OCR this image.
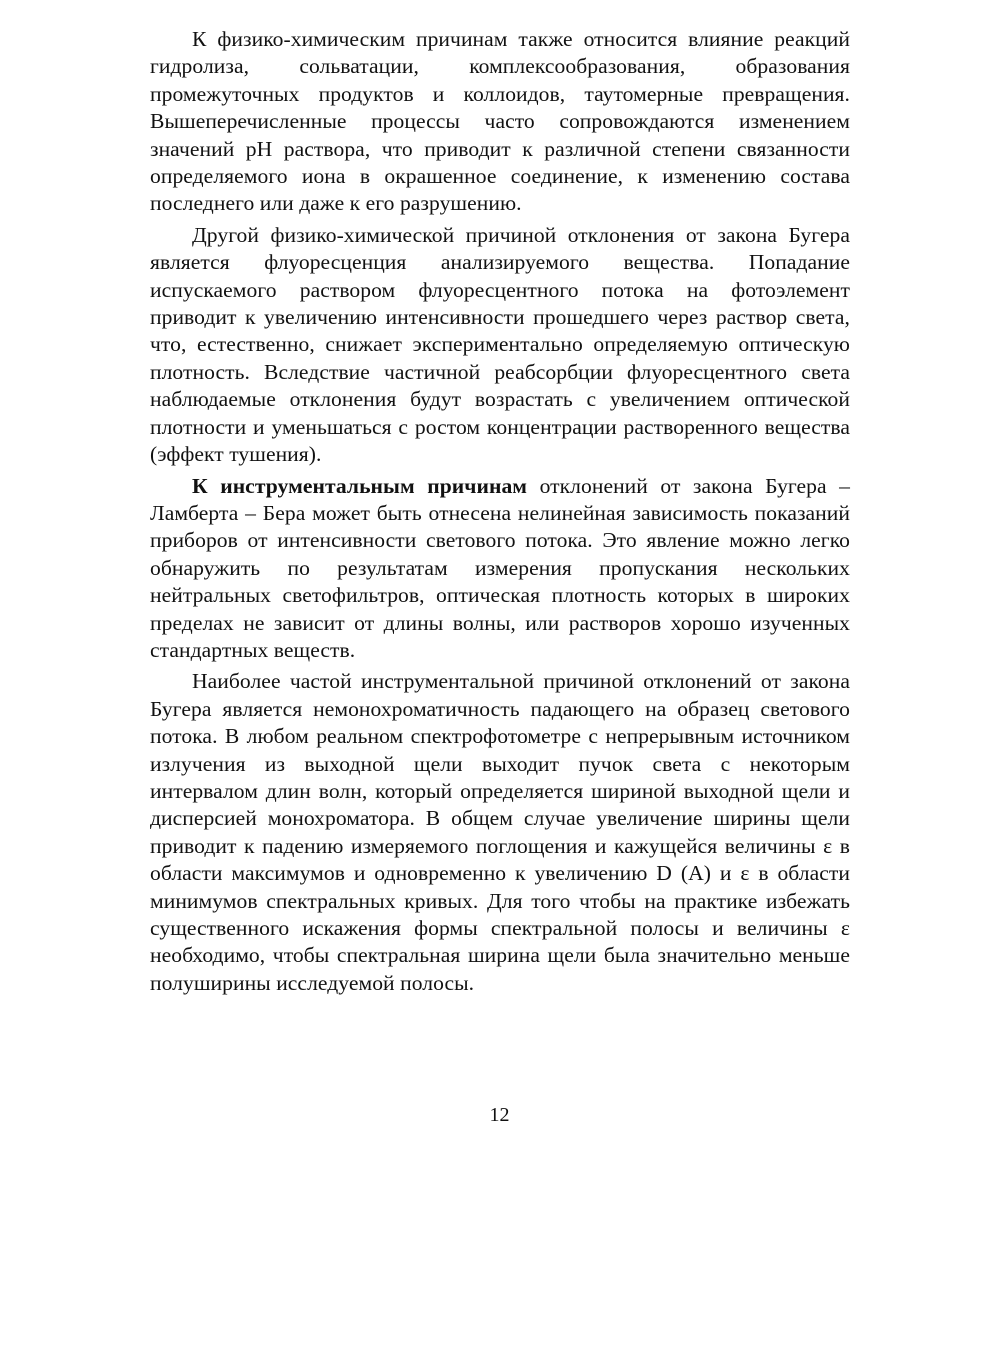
К физико-химическим причинам также относится влияние реакций гидролиза, сольватации, комплексообразования, образования промежуточных продуктов и коллоидов, таутомерные превращения. Вышеперечисленные процессы часто сопровождаются изменением значений pH раствора, что приводит к различной степени связанности определяемого иона в окрашенное соединение, к изменению состава последнего или даже к его разрушению.

Другой физико-химической причиной отклонения от закона Бугера является флуоресценция анализируемого вещества. Попадание испускаемого раствором флуоресцентного потока на фотоэлемент приводит к увеличению интенсивности прошедшего через раствор света, что, естественно, снижает экспериментально определяемую оптическую плотность. Вследствие частичной реабсорбции флуоресцентного света наблюдаемые отклонения будут возрастать с увеличением оптической плотности и уменьшаться с ростом концентрации растворенного вещества (эффект тушения).

К инструментальным причинам отклонений от закона Бугера – Ламберта – Бера может быть отнесена нелинейная зависимость показаний приборов от интенсивности светового потока. Это явление можно легко обнаружить по результатам измерения пропускания нескольких нейтральных светофильтров, оптическая плотность которых в широких пределах не зависит от длины волны, или растворов хорошо изученных стандартных веществ.

Наиболее частой инструментальной причиной отклонений от закона Бугера является немонохроматичность падающего на образец светового потока. В любом реальном спектрофотометре с непрерывным источником излучения из выходной щели выходит пучок света с некоторым интервалом длин волн, который определяется шириной выходной щели и дисперсией монохроматора. В общем случае увеличение ширины щели приводит к падению измеряемого поглощения и кажущейся величины ε в области максимумов и одновременно к увеличению D (A) и ε в области минимумов спектральных кривых. Для того чтобы на практике избежать существенного искажения формы спектральной полосы и величины ε необходимо, чтобы спектральная ширина щели была значительно меньше полуширины исследуемой полосы.

12
